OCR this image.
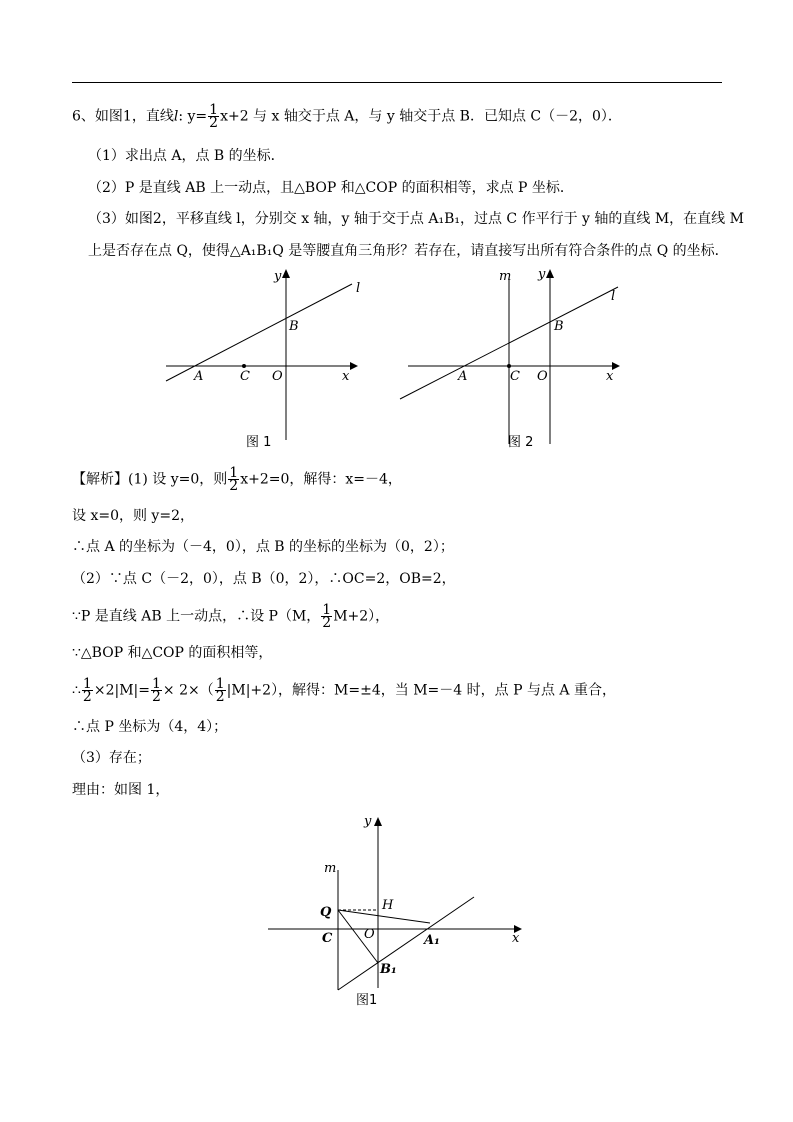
6、如图1，直线l: $y= \frac{1}{2} x+2$ 与 x 轴交于点 A，与 y 轴交于点 B．已知点 C（－2，0）．
（1）求出点 A，点 B 的坐标．
（2）P 是直线 AB 上一动点，且△BOP 和△COP 的面积相等，求点 P 坐标．
（3）如图2，平移直线 l，分别交 x 轴，y 轴于交于点 A₁B₁，过点 C 作平行于 y 轴的直线 M，在直线 M
上是否存在点 Q，使得△A₁B₁Q 是等腰直角三角形？若存在，请直接写出所有符合条件的点 Q 的坐标．
y
l
B
A	C O	x
图 1
m y
l
B
A	C O	x
图 2
【解析】(1) 设 y=0，则 $\frac{1}{2} x+2=0$，解得：x=－4，
设 x=0，则 y=2，
∴点 A 的坐标为（－4，0），点 B 的坐标的坐标为（0，2）；
（2）∵点 C（－2，0），点 B（0，2），∴OC=2，OB=2，
∵P 是直线 AB 上一动点，∴设 P（M， $\frac{1}{2} M+2$），
∵△BOP 和△COP 的面积相等，
∴ $\frac{1}{2} \times 2|M|= \frac{1}{2} \times 2\times( \frac{1}{2} |M|+2)$，解得：M=±4，当 M=－4 时，点 P 与点 A 重合，
∴点 P 坐标为（4，4）；
（3）存在；
理由：如图 1，
y
m
Q	H
C O	A₁	x
B₁
图1
